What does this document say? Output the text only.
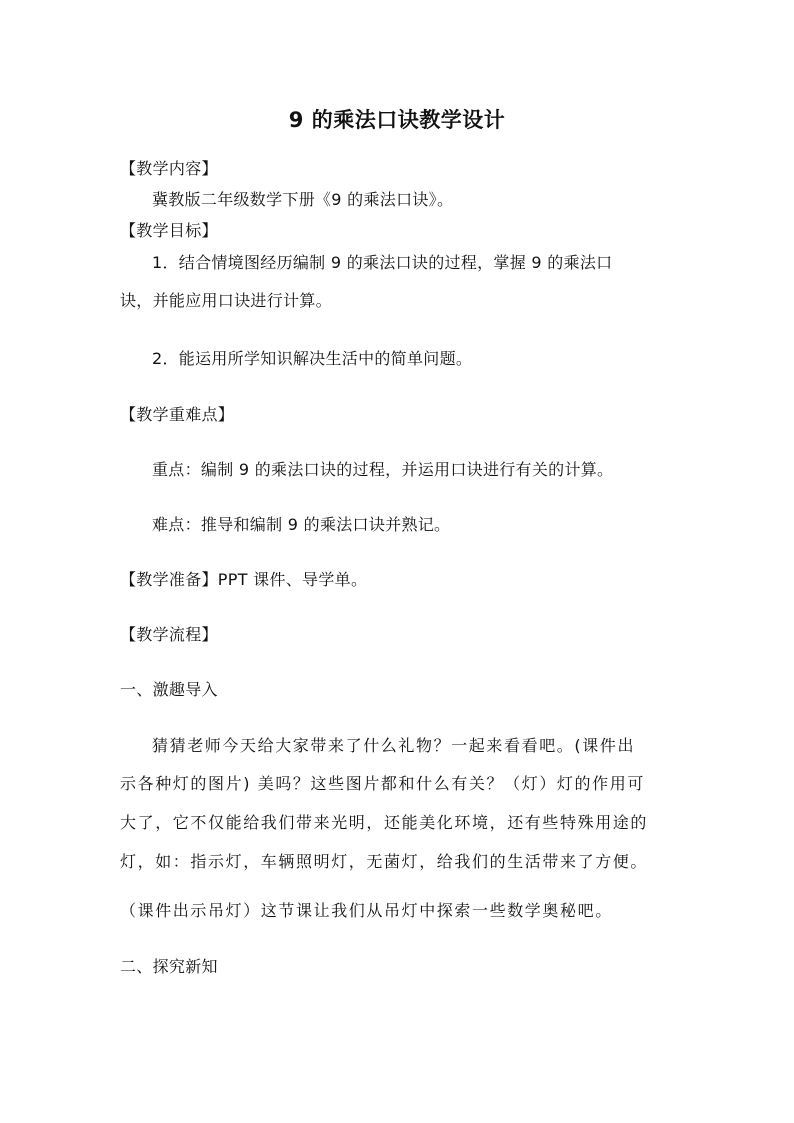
9 的乘法口诀教学设计
【教学内容】
冀教版二年级数学下册《9 的乘法口诀》。
【教学目标】
1．结合情境图经历编制 9 的乘法口诀的过程，掌握 9 的乘法口
诀，并能应用口诀进行计算。
2．能运用所学知识解决生活中的简单问题。
【教学重难点】
重点：编制 9 的乘法口诀的过程，并运用口诀进行有关的计算。
难点：推导和编制 9 的乘法口诀并熟记。
【教学准备】PPT 课件、导学单。
【教学流程】
一、激趣导入
猜猜老师今天给大家带来了什么礼物？一起来看看吧。(课件出
示各种灯的图片) 美吗？这些图片都和什么有关？（灯）灯的作用可
大了，它不仅能给我们带来光明，还能美化环境，还有些特殊用途的
灯，如：指示灯，车辆照明灯，无菌灯，给我们的生活带来了方便。
（课件出示吊灯）这节课让我们从吊灯中探索一些数学奥秘吧。
二、探究新知
